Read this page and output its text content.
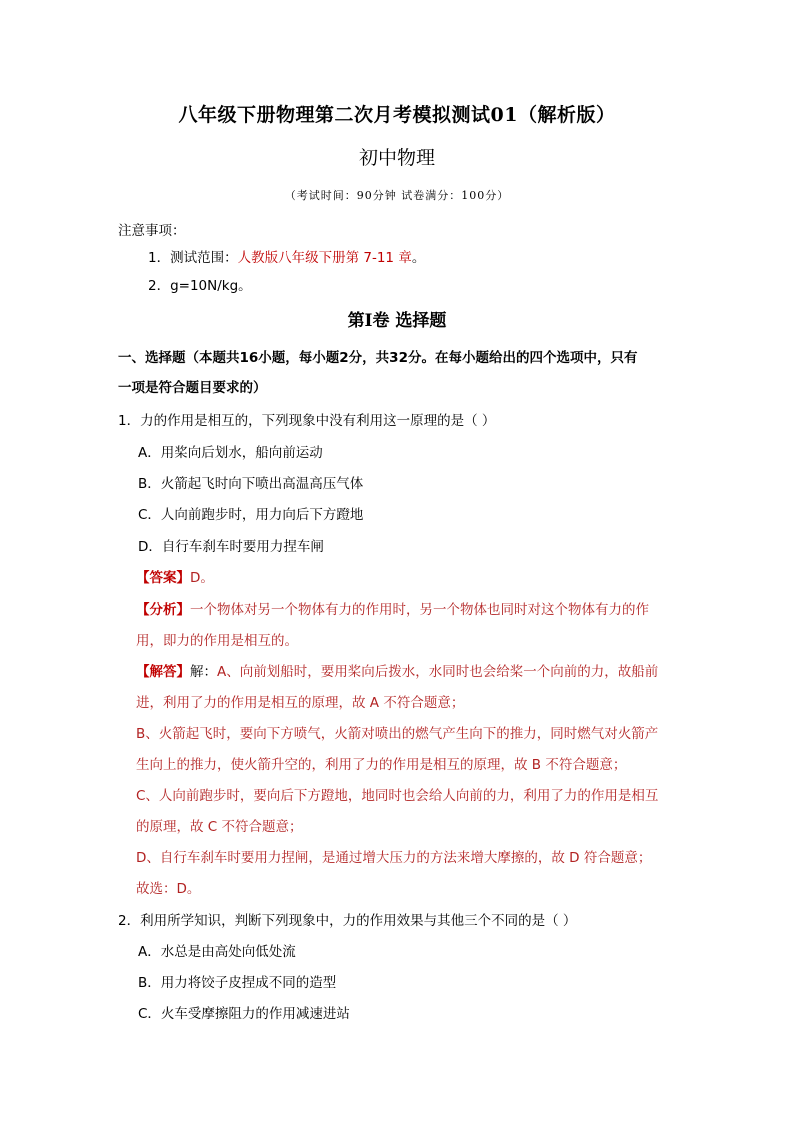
八年级下册物理第二次月考模拟测试01（解析版）
初中物理
（考试时间：90分钟 试卷满分：100分）
注意事项：
1．测试范围：人教版八年级下册第 7-11 章。
2．g=10N/kg。
第Ⅰ卷 选择题
一、选择题（本题共16小题，每小题2分，共32分。在每小题给出的四个选项中，只有
一项是符合题目要求的）
1．力的作用是相互的，下列现象中没有利用这一原理的是（ ）
A．用桨向后划水，船向前运动
B．火箭起飞时向下喷出高温高压气体
C．人向前跑步时，用力向后下方蹬地
D．自行车刹车时要用力捏车闸
【答案】D。
【分析】一个物体对另一个物体有力的作用时，另一个物体也同时对这个物体有力的作
用，即力的作用是相互的。
【解答】解：A、向前划船时，要用桨向后拨水，水同时也会给桨一个向前的力，故船前
进，利用了力的作用是相互的原理，故 A 不符合题意；
B、火箭起飞时，要向下方喷气，火箭对喷出的燃气产生向下的推力，同时燃气对火箭产
生向上的推力，使火箭升空的，利用了力的作用是相互的原理，故 B 不符合题意；
C、人向前跑步时，要向后下方蹬地，地同时也会给人向前的力，利用了力的作用是相互
的原理，故 C 不符合题意；
D、自行车刹车时要用力捏闸，是通过增大压力的方法来增大摩擦的，故 D 符合题意；
故选：D。
2．利用所学知识，判断下列现象中，力的作用效果与其他三个不同的是（ ）
A．水总是由高处向低处流
B．用力将饺子皮捏成不同的造型
C．火车受摩擦阻力的作用减速进站
